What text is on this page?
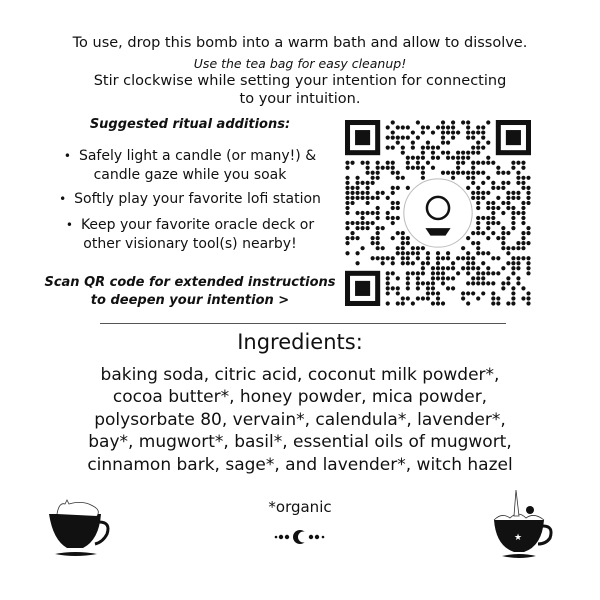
To use, drop this bomb into a warm bath and allow to dissolve.
Use the tea bag for easy cleanup!
Stir clockwise while setting your intention for connecting
to your intuition.
Suggested ritual additions:
• Safely light a candle (or many!) &
candle gaze while you soak
• Softly play your favorite lofi station
• Keep your favorite oracle deck or
other visionary tool(s) nearby!
Scan QR code for extended instructions
to deepen your intention >
Ingredients:
baking soda, citric acid, coconut milk powder*,
cocoa butter*, honey powder, mica powder,
polysorbate 80, vervain*, calendula*, lavender*,
bay*, mugwort*, basil*, essential oils of mugwort,
cinnamon bark, sage*, and lavender*, witch hazel
*organic
★
